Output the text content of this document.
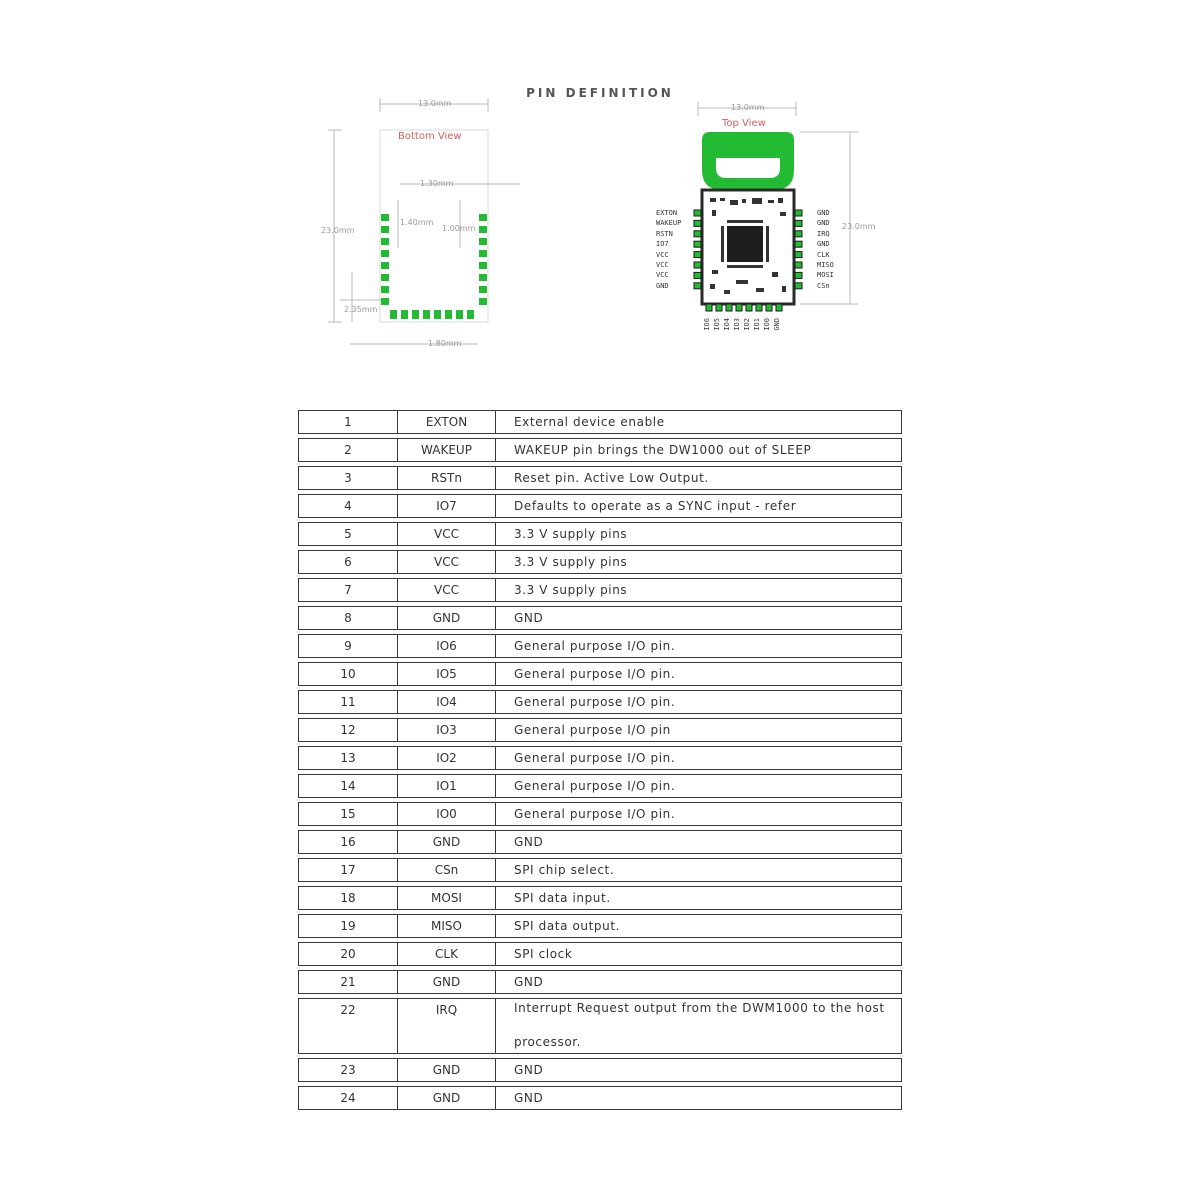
PIN DEFINITION
Bottom View
13.0mm
23.0mm
1.30mm
1.40mm
1.00mm
2.35mm
1.80mm
Top View
13.0mm
23.0mm
EXTON
WAKEUP
RSTN
IO7
VCC
VCC
VCC
GND
GND
GND
IRQ
GND
CLK
MISO
MOSI
CSn
IO6 IO5 IO4 IO3 IO2 IO1 IO0 GND
1	EXTON	External device enable
2	WAKEUP	WAKEUP pin brings the DW1000 out of SLEEP
3	RSTn	Reset pin. Active Low Output.
4	IO7	Defaults to operate as a SYNC input - refer
5	VCC	3.3 V supply pins
6	VCC	3.3 V supply pins
7	VCC	3.3 V supply pins
8	GND	GND
9	IO6	General purpose I/O pin.
10	IO5	General purpose I/O pin.
11	IO4	General purpose I/O pin.
12	IO3	General purpose I/O pin
13	IO2	General purpose I/O pin.
14	IO1	General purpose I/O pin.
15	IO0	General purpose I/O pin.
16	GND	GND
17	CSn	SPI chip select.
18	MOSI	SPI data input.
19	MISO	SPI data output.
20	CLK	SPI clock
21	GND	GND
22	IRQ	Interrupt Request output from the DWM1000 to the host
processor.
23	GND	GND
24	GND	GND
